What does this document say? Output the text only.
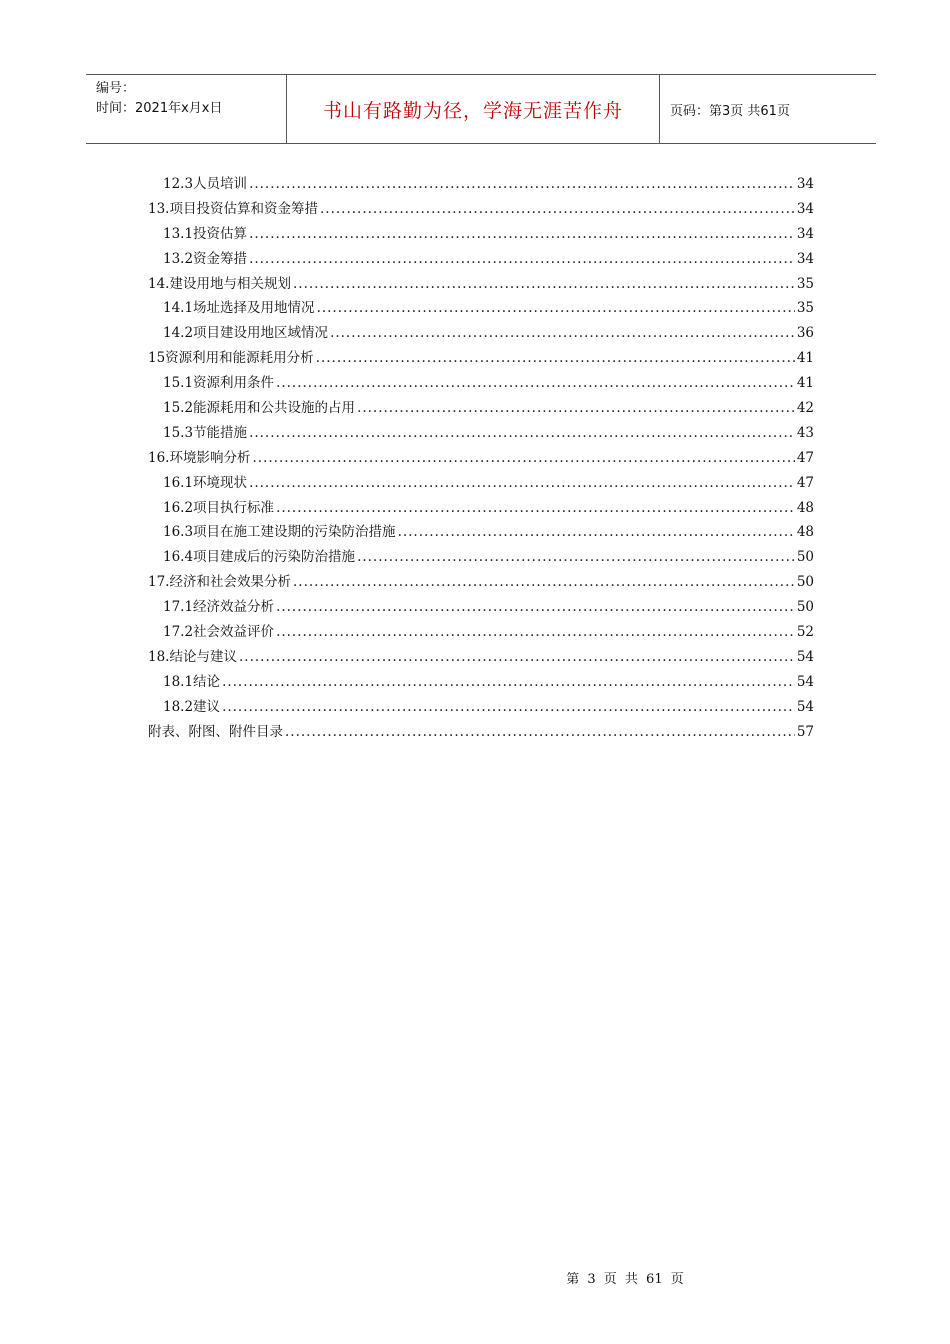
编号：
时间：2021年x月x日	书山有路勤为径，学海无涯苦作舟	页码：第3页 共61页
12.3人员培训 .....	34
13.项目投资估算和资金筹措 .....	34
13.1投资估算 .....	34
13.2资金筹措 .....	34
14.建设用地与相关规划 .....	35
14.1场址选择及用地情况 .....	35
14.2项目建设用地区域情况 .....	36
15资源利用和能源耗用分析 .....	41
15.1资源利用条件 .....	41
15.2能源耗用和公共设施的占用 .....	42
15.3节能措施 .....	43
16.环境影响分析 .....	47
16.1环境现状 .....	47
16.2项目执行标准 .....	48
16.3项目在施工建设期的污染防治措施 .....	48
16.4项目建成后的污染防治措施 .....	50
17.经济和社会效果分析 .....	50
17.1经济效益分析 .....	50
17.2社会效益评价 .....	52
18.结论与建议 .....	54
18.1结论 .....	54
18.2建议 .....	54
附表、附图、附件目录 .....	57
第 3 页 共 61 页
